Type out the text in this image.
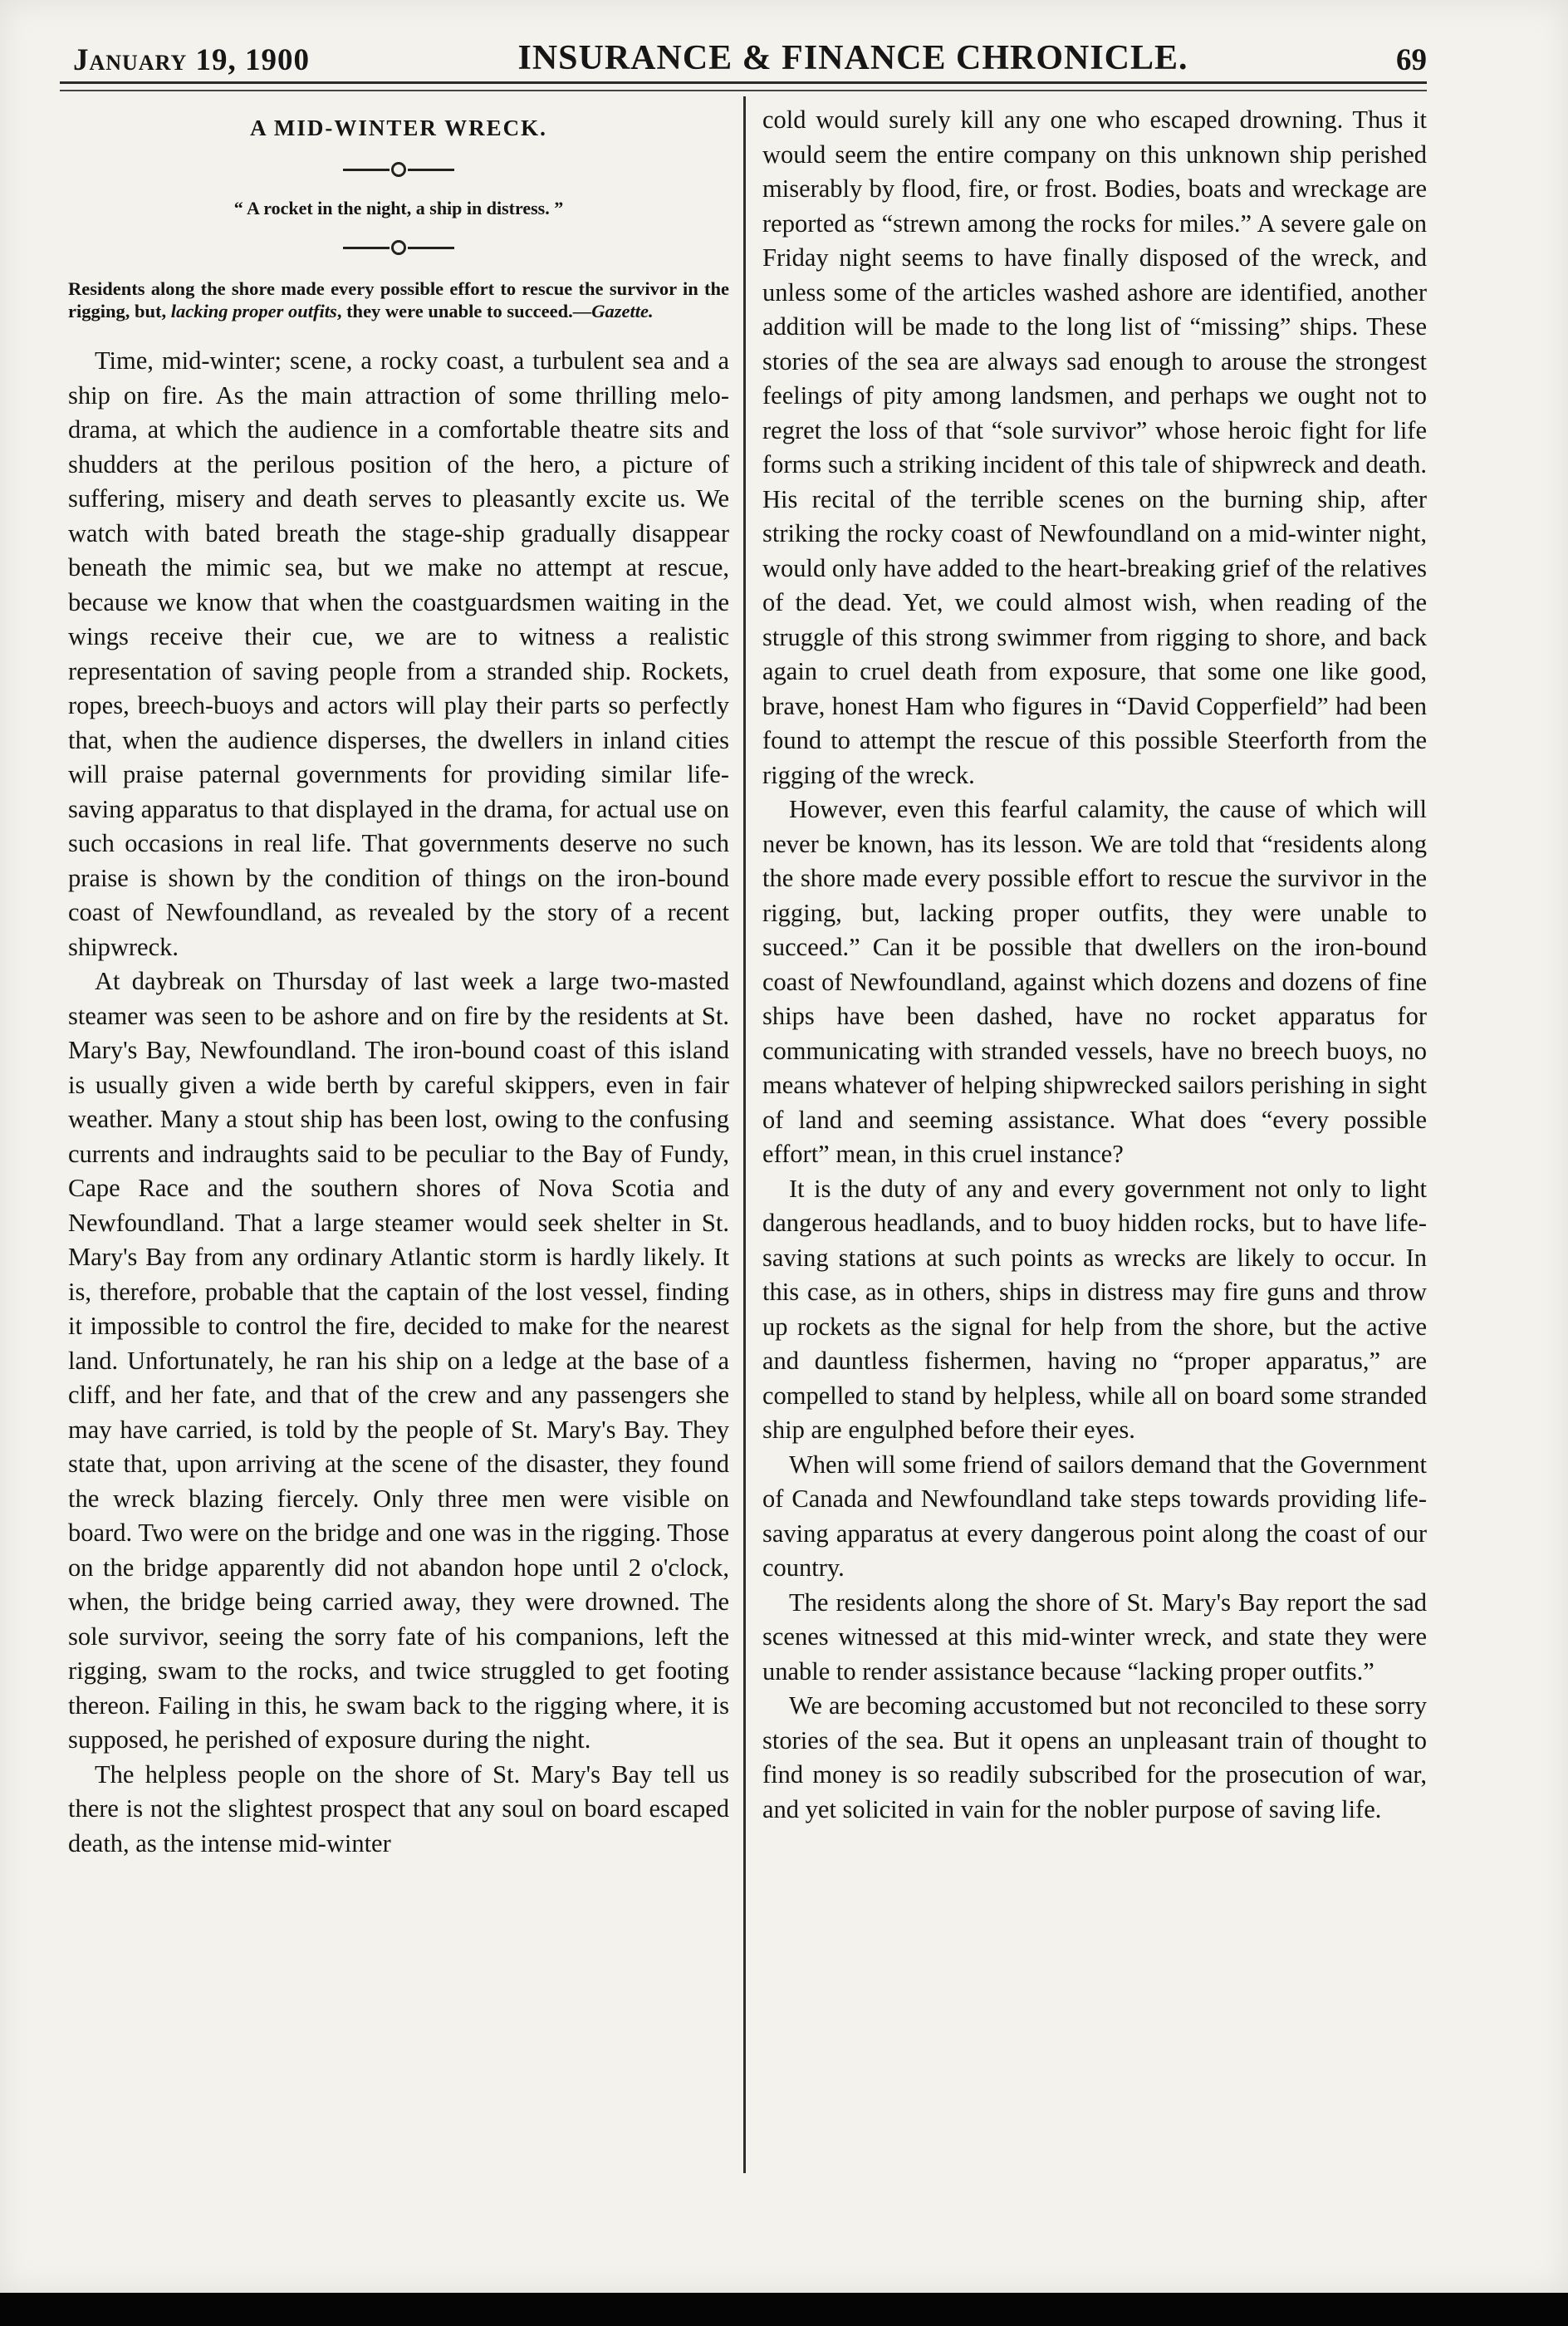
January 19, 1900	INSURANCE & FINANCE CHRONICLE.	69
A MID-WINTER WRECK.
“ A rocket in the night, a ship in distress. ”
Residents along the shore made every possible effort to rescue the survivor in the rigging, but, lacking proper outfits, they were unable to succeed.—Gazette.

Time, mid-winter; scene, a rocky coast, a turbulent sea and a ship on fire. As the main attraction of some thrilling melo-drama, at which the audience in a comfortable theatre sits and shudders at the perilous position of the hero, a picture of suffering, misery and death serves to pleasantly excite us. We watch with bated breath the stage-ship gradually disappear beneath the mimic sea, but we make no attempt at rescue, because we know that when the coastguardsmen waiting in the wings receive their cue, we are to witness a realistic representation of saving people from a stranded ship. Rockets, ropes, breech-buoys and actors will play their parts so perfectly that, when the audience disperses, the dwellers in inland cities will praise paternal governments for providing similar life-saving apparatus to that displayed in the drama, for actual use on such occasions in real life. That governments deserve no such praise is shown by the condition of things on the iron-bound coast of Newfoundland, as revealed by the story of a recent shipwreck.

At daybreak on Thursday of last week a large two-masted steamer was seen to be ashore and on fire by the residents at St. Mary's Bay, Newfoundland. The iron-bound coast of this island is usually given a wide berth by careful skippers, even in fair weather. Many a stout ship has been lost, owing to the confusing currents and indraughts said to be peculiar to the Bay of Fundy, Cape Race and the southern shores of Nova Scotia and Newfoundland. That a large steamer would seek shelter in St. Mary's Bay from any ordinary Atlantic storm is hardly likely. It is, therefore, probable that the captain of the lost vessel, finding it impossible to control the fire, decided to make for the nearest land. Unfortunately, he ran his ship on a ledge at the base of a cliff, and her fate, and that of the crew and any passengers she may have carried, is told by the people of St. Mary's Bay. They state that, upon arriving at the scene of the disaster, they found the wreck blazing fiercely. Only three men were visible on board. Two were on the bridge and one was in the rigging. Those on the bridge apparently did not abandon hope until 2 o'clock, when, the bridge being carried away, they were drowned. The sole survivor, seeing the sorry fate of his companions, left the rigging, swam to the rocks, and twice struggled to get footing thereon. Failing in this, he swam back to the rigging where, it is supposed, he perished of exposure during the night.

The helpless people on the shore of St. Mary's Bay tell us there is not the slightest prospect that any soul on board escaped death, as the intense mid-winter

cold would surely kill any one who escaped drowning. Thus it would seem the entire company on this unknown ship perished miserably by flood, fire, or frost. Bodies, boats and wreckage are reported as “strewn among the rocks for miles.” A severe gale on Friday night seems to have finally disposed of the wreck, and unless some of the articles washed ashore are identified, another addition will be made to the long list of “missing” ships. These stories of the sea are always sad enough to arouse the strongest feelings of pity among landsmen, and perhaps we ought not to regret the loss of that “sole survivor” whose heroic fight for life forms such a striking incident of this tale of shipwreck and death. His recital of the terrible scenes on the burning ship, after striking the rocky coast of Newfoundland on a mid-winter night, would only have added to the heart-breaking grief of the relatives of the dead. Yet, we could almost wish, when reading of the struggle of this strong swimmer from rigging to shore, and back again to cruel death from exposure, that some one like good, brave, honest Ham who figures in “David Copperfield” had been found to attempt the rescue of this possible Steerforth from the rigging of the wreck.

However, even this fearful calamity, the cause of which will never be known, has its lesson. We are told that “residents along the shore made every possible effort to rescue the survivor in the rigging, but, lacking proper outfits, they were unable to succeed.” Can it be possible that dwellers on the iron-bound coast of Newfoundland, against which dozens and dozens of fine ships have been dashed, have no rocket apparatus for communicating with stranded vessels, have no breech buoys, no means whatever of helping shipwrecked sailors perishing in sight of land and seeming assistance. What does “every possible effort” mean, in this cruel instance?

It is the duty of any and every government not only to light dangerous headlands, and to buoy hidden rocks, but to have life-saving stations at such points as wrecks are likely to occur. In this case, as in others, ships in distress may fire guns and throw up rockets as the signal for help from the shore, but the active and dauntless fishermen, having no “proper apparatus,” are compelled to stand by helpless, while all on board some stranded ship are engulphed before their eyes.

When will some friend of sailors demand that the Government of Canada and Newfoundland take steps towards providing life-saving apparatus at every dangerous point along the coast of our country.

The residents along the shore of St. Mary's Bay report the sad scenes witnessed at this mid-winter wreck, and state they were unable to render assistance because “lacking proper outfits.”

We are becoming accustomed but not reconciled to these sorry stories of the sea. But it opens an unpleasant train of thought to find money is so readily subscribed for the prosecution of war, and yet solicited in vain for the nobler purpose of saving life.
